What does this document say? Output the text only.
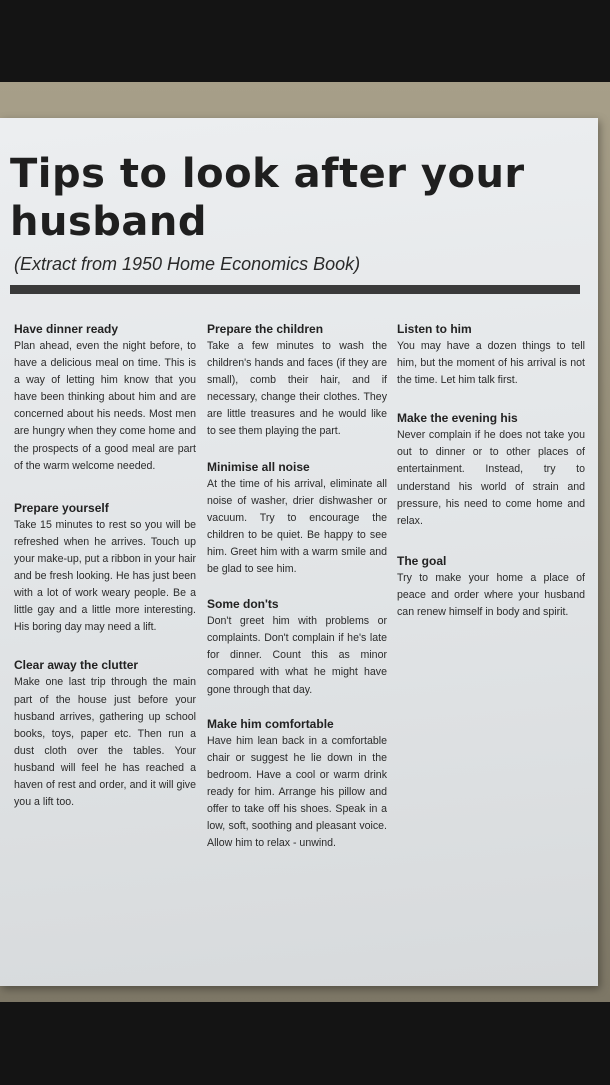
Tips to look after your husband

(Extract from 1950 Home Economics Book)

Have dinner ready

Plan ahead, even the night before, to have a delicious meal on time. This is a way of letting him know that you have been thinking about him and are concerned about his needs. Most men are hungry when they come home and the prospects of a good meal are part of the warm welcome needed.

Prepare yourself

Take 15 minutes to rest so you will be refreshed when he arrives. Touch up your make-up, put a ribbon in your hair and be fresh looking. He has just been with a lot of work weary people. Be a little gay and a little more interesting. His boring day may need a lift.

Clear away the clutter

Make one last trip through the main part of the house just before your husband arrives, gathering up school books, toys, paper etc. Then run a dust cloth over the tables. Your husband will feel he has reached a haven of rest and order, and it will give you a lift too.

Prepare the children

Take a few minutes to wash the children's hands and faces (if they are small), comb their hair, and if necessary, change their clothes. They are little treasures and he would like to see them playing the part.

Minimise all noise

At the time of his arrival, eliminate all noise of washer, drier dishwasher or vacuum. Try to encourage the children to be quiet. Be happy to see him. Greet him with a warm smile and be glad to see him.

Some don'ts

Don't greet him with problems or complaints. Don't complain if he's late for dinner. Count this as minor compared with what he might have gone through that day.

Make him comfortable

Have him lean back in a comfortable chair or suggest he lie down in the bedroom. Have a cool or warm drink ready for him. Arrange his pillow and offer to take off his shoes. Speak in a low, soft, soothing and pleasant voice. Allow him to relax - unwind.

Listen to him

You may have a dozen things to tell him, but the moment of his arrival is not the time. Let him talk first.

Make the evening his

Never complain if he does not take you out to dinner or to other places of entertainment. Instead, try to understand his world of strain and pressure, his need to come home and relax.

The goal

Try to make your home a place of peace and order where your husband can renew himself in body and spirit.
